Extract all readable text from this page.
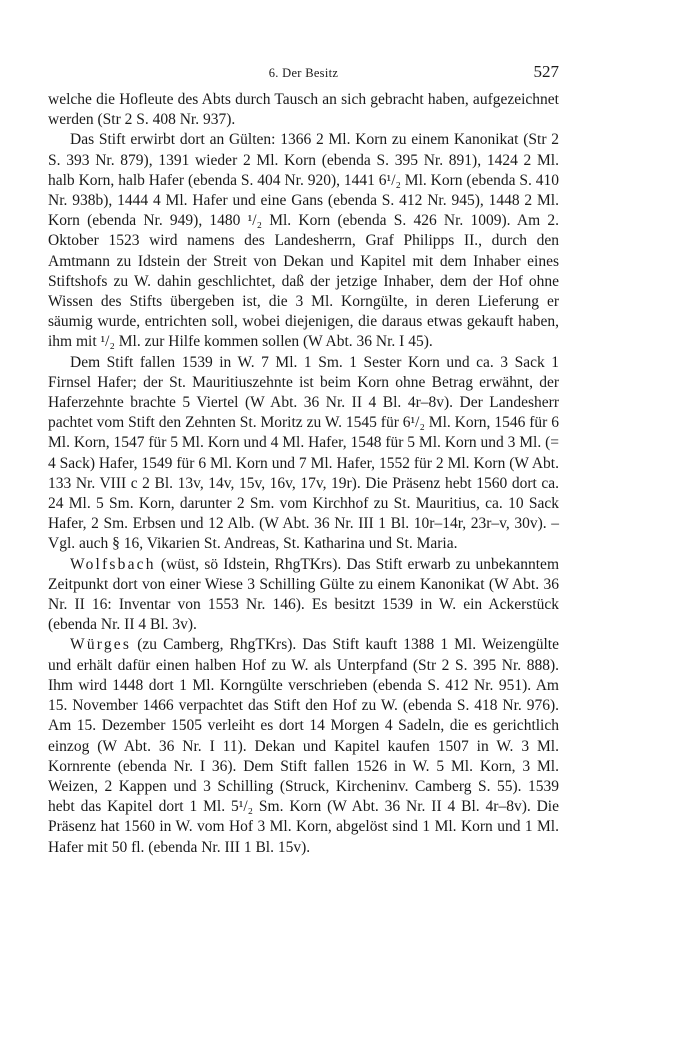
6. Der Besitz	527

welche die Hofleute des Abts durch Tausch an sich gebracht haben, aufgezeichnet werden (Str 2 S. 408 Nr. 937).

Das Stift erwirbt dort an Gülten: 1366 2 Ml. Korn zu einem Kanonikat (Str 2 S. 393 Nr. 879), 1391 wieder 2 Ml. Korn (ebenda S. 395 Nr. 891), 1424 2 Ml. halb Korn, halb Hafer (ebenda S. 404 Nr. 920), 1441 6¹/₂ Ml. Korn (ebenda S. 410 Nr. 938b), 1444 4 Ml. Hafer und eine Gans (ebenda S. 412 Nr. 945), 1448 2 Ml. Korn (ebenda Nr. 949), 1480 ¹/₂ Ml. Korn (ebenda S. 426 Nr. 1009). Am 2. Oktober 1523 wird namens des Landesherrn, Graf Philipps II., durch den Amtmann zu Idstein der Streit von Dekan und Kapitel mit dem Inhaber eines Stiftshofs zu W. dahin geschlichtet, daß der jetzige Inhaber, dem der Hof ohne Wissen des Stifts übergeben ist, die 3 Ml. Korngülte, in deren Lieferung er säumig wurde, entrichten soll, wobei diejenigen, die daraus etwas gekauft haben, ihm mit ¹/₂ Ml. zur Hilfe kommen sollen (W Abt. 36 Nr. I 45).

Dem Stift fallen 1539 in W. 7 Ml. 1 Sm. 1 Sester Korn und ca. 3 Sack 1 Firnsel Hafer; der St. Mauritiuszehnte ist beim Korn ohne Betrag erwähnt, der Haferzehnte brachte 5 Viertel (W Abt. 36 Nr. II 4 Bl. 4r–8v). Der Landesherr pachtet vom Stift den Zehnten St. Moritz zu W. 1545 für 6¹/₂ Ml. Korn, 1546 für 6 Ml. Korn, 1547 für 5 Ml. Korn und 4 Ml. Hafer, 1548 für 5 Ml. Korn und 3 Ml. (= 4 Sack) Hafer, 1549 für 6 Ml. Korn und 7 Ml. Hafer, 1552 für 2 Ml. Korn (W Abt. 133 Nr. VIII c 2 Bl. 13v, 14v, 15v, 16v, 17v, 19r). Die Präsenz hebt 1560 dort ca. 24 Ml. 5 Sm. Korn, darunter 2 Sm. vom Kirchhof zu St. Mauritius, ca. 10 Sack Hafer, 2 Sm. Erbsen und 12 Alb. (W Abt. 36 Nr. III 1 Bl. 10r–14r, 23r–v, 30v). – Vgl. auch § 16, Vikarien St. Andreas, St. Katharina und St. Maria.

Wolfsbach (wüst, sö Idstein, RhgTKrs). Das Stift erwarb zu unbekanntem Zeitpunkt dort von einer Wiese 3 Schilling Gülte zu einem Kanonikat (W Abt. 36 Nr. II 16: Inventar von 1553 Nr. 146). Es besitzt 1539 in W. ein Ackerstück (ebenda Nr. II 4 Bl. 3v).

Würges (zu Camberg, RhgTKrs). Das Stift kauft 1388 1 Ml. Weizengülte und erhält dafür einen halben Hof zu W. als Unterpfand (Str 2 S. 395 Nr. 888). Ihm wird 1448 dort 1 Ml. Korngülte verschrieben (ebenda S. 412 Nr. 951). Am 15. November 1466 verpachtet das Stift den Hof zu W. (ebenda S. 418 Nr. 976). Am 15. Dezember 1505 verleiht es dort 14 Morgen 4 Sadeln, die es gerichtlich einzog (W Abt. 36 Nr. I 11). Dekan und Kapitel kaufen 1507 in W. 3 Ml. Kornrente (ebenda Nr. I 36). Dem Stift fallen 1526 in W. 5 Ml. Korn, 3 Ml. Weizen, 2 Kappen und 3 Schilling (Struck, Kircheninv. Camberg S. 55). 1539 hebt das Kapitel dort 1 Ml. 5¹/₂ Sm. Korn (W Abt. 36 Nr. II 4 Bl. 4r–8v). Die Präsenz hat 1560 in W. vom Hof 3 Ml. Korn, abgelöst sind 1 Ml. Korn und 1 Ml. Hafer mit 50 fl. (ebenda Nr. III 1 Bl. 15v).
